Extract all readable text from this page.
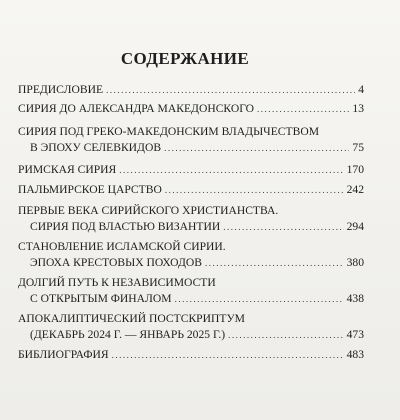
СОДЕРЖАНИЕ
ПРЕДИСЛОВИЕ .....	4
СИРИЯ ДО АЛЕКСАНДРА МАКЕДОНСКОГО .....	13
СИРИЯ ПОД ГРЕКО-МАКЕДОНСКИМ ВЛАДЫЧЕСТВОМ
В ЭПОХУ СЕЛЕВКИДОВ .....	75
РИМСКАЯ СИРИЯ .....	170
ПАЛЬМИРСКОЕ ЦАРСТВО .....	242
ПЕРВЫЕ ВЕКА СИРИЙСКОГО ХРИСТИАНСТВА.
СИРИЯ ПОД ВЛАСТЬЮ ВИЗАНТИИ .....	294
СТАНОВЛЕНИЕ ИСЛАМСКОЙ СИРИИ.
ЭПОХА КРЕСТОВЫХ ПОХОДОВ .....	380
ДОЛГИЙ ПУТЬ К НЕЗАВИСИМОСТИ
С ОТКРЫТЫМ ФИНАЛОМ .....	438
АПОКАЛИПТИЧЕСКИЙ ПОСТСКРИПТУМ
(ДЕКАБРЬ 2024 Г. — ЯНВАРЬ 2025 Г.) .....	473
БИБЛИОГРАФИЯ .....	483
